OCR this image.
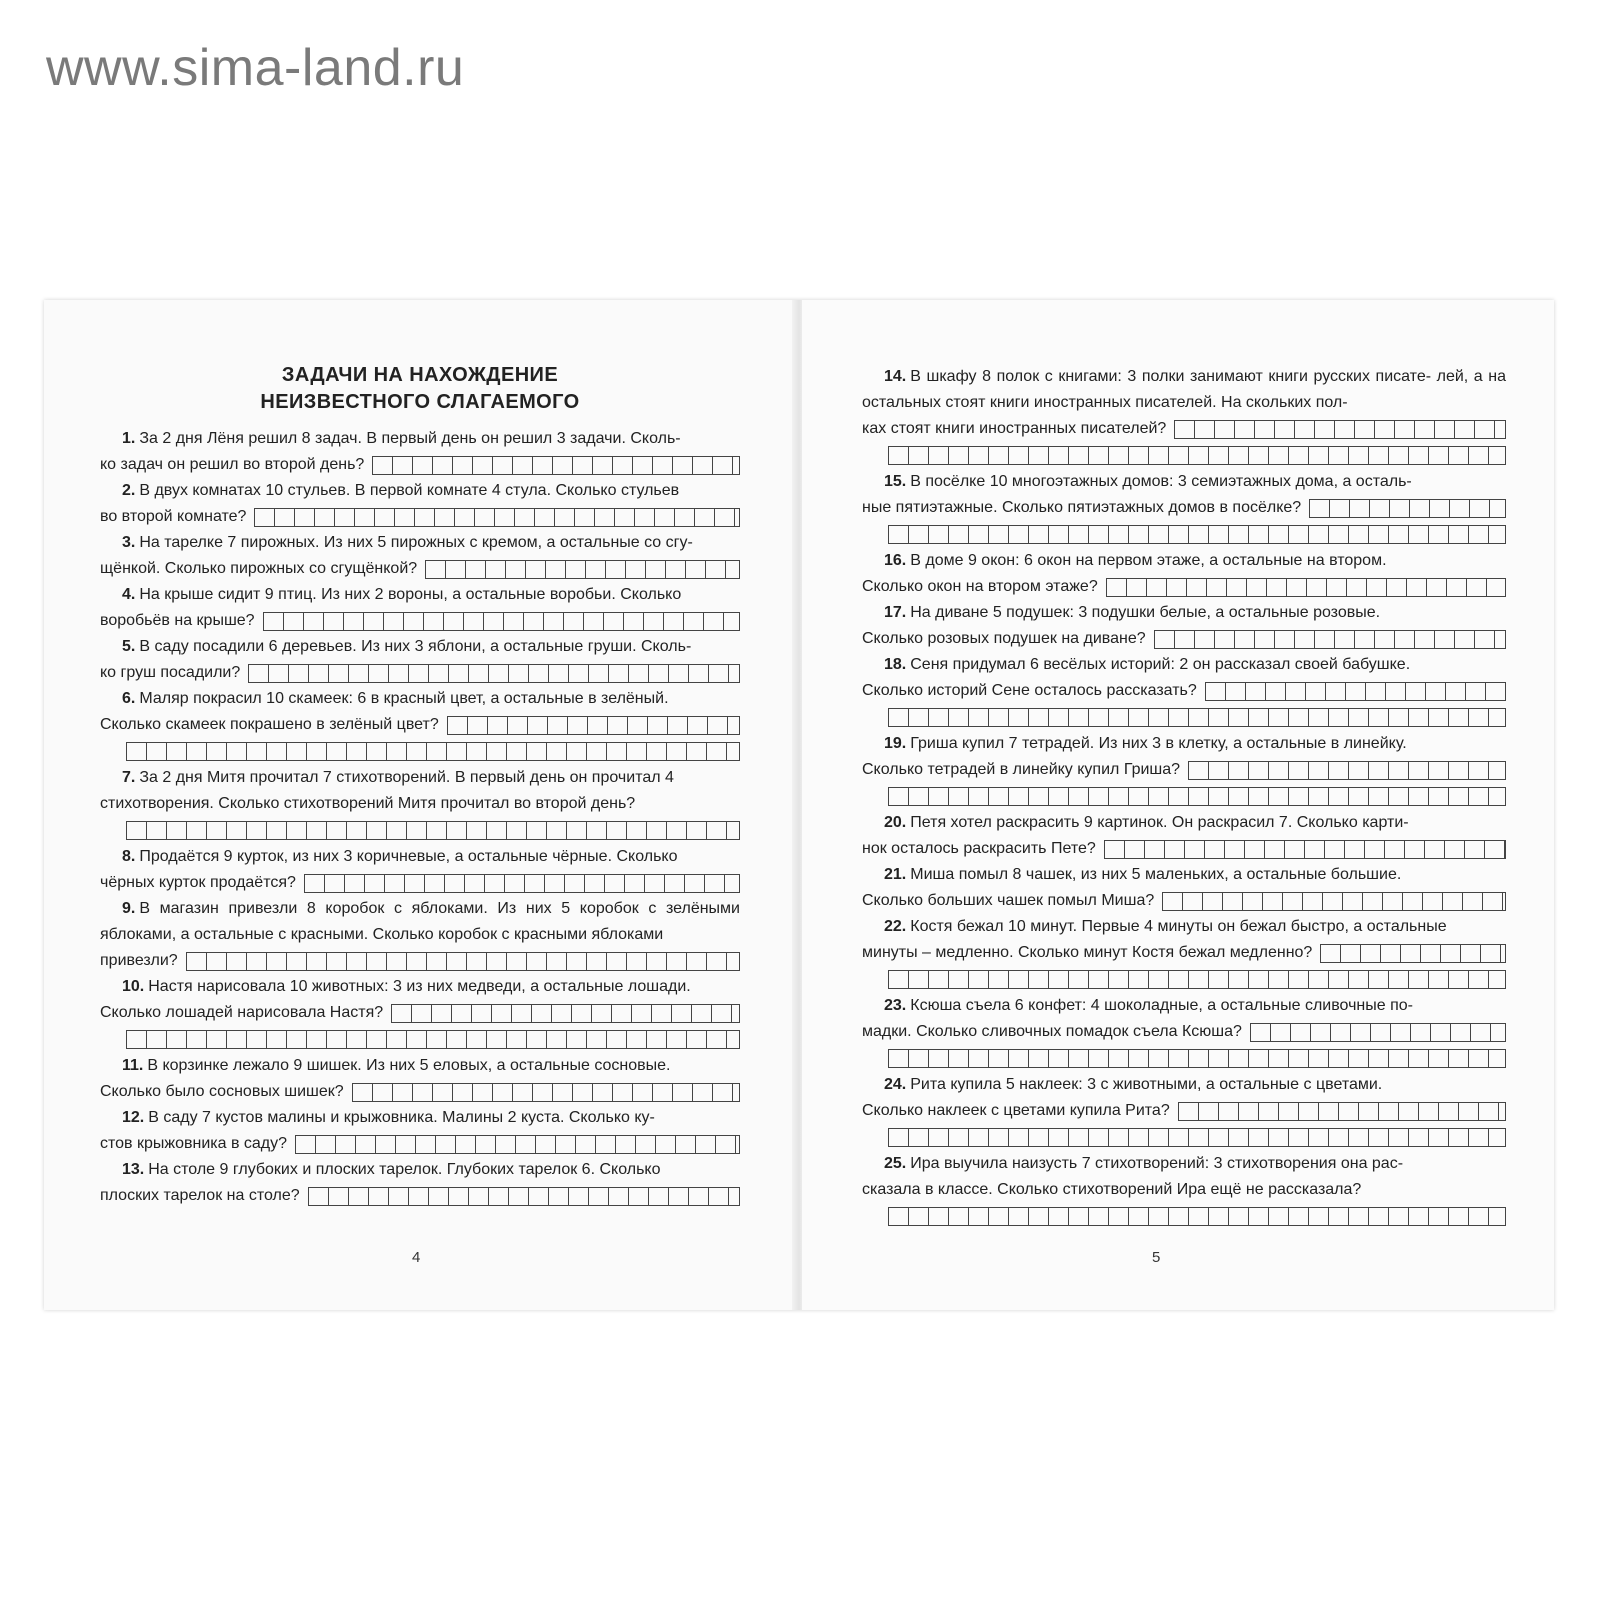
www.sima-land.ru
ЗАДАЧИ НА НАХОЖДЕНИЕ
НЕИЗВЕСТНОГО СЛАГАЕМОГО
1. За 2 дня Лёня решил 8 задач. В первый день он решил 3 задачи. Сколь-
ко задач он решил во второй день?
2. В двух комнатах 10 стульев. В первой комнате 4 стула. Сколько стульев
во второй комнате?
3. На тарелке 7 пирожных. Из них 5 пирожных с кремом, а остальные со сгу-
щёнкой. Сколько пирожных со сгущёнкой?
4. На крыше сидит 9 птиц. Из них 2 вороны, а остальные воробьи. Сколько
воробьёв на крыше?
5. В саду посадили 6 деревьев. Из них 3 яблони, а остальные груши. Сколь-
ко груш посадили?
6. Маляр покрасил 10 скамеек: 6 в красный цвет, а остальные в зелёный.
Сколько скамеек покрашено в зелёный цвет?
7. За 2 дня Митя прочитал 7 стихотворений. В первый день он прочитал 4
стихотворения. Сколько стихотворений Митя прочитал во второй день?
8. Продаётся 9 курток, из них 3 коричневые, а остальные чёрные. Сколько
чёрных курток продаётся?
9. В магазин привезли 8 коробок с яблоками. Из них 5 коробок с зелёными яблоками, а остальные с красными. Сколько коробок с красными яблоками
привезли?
10. Настя нарисовала 10 животных: 3 из них медведи, а остальные лошади.
Сколько лошадей нарисовала Настя?
11. В корзинке лежало 9 шишек. Из них 5 еловых, а остальные сосновые.
Сколько было сосновых шишек?
12. В саду 7 кустов малины и крыжовника. Малины 2 куста. Сколько ку-
стов крыжовника в саду?
13. На столе 9 глубоких и плоских тарелок. Глубоких тарелок 6. Сколько
плоских тарелок на столе?
4
14. В шкафу 8 полок с книгами: 3 полки занимают книги русских писате- лей, а на остальных стоят книги иностранных писателей. На скольких пол-
ках стоят книги иностранных писателей?
15. В посёлке 10 многоэтажных домов: 3 семиэтажных дома, а осталь-
ные пятиэтажные. Сколько пятиэтажных домов в посёлке?
16. В доме 9 окон: 6 окон на первом этаже, а остальные на втором.
Сколько окон на втором этаже?
17. На диване 5 подушек: 3 подушки белые, а остальные розовые.
Сколько розовых подушек на диване?
18. Сеня придумал 6 весёлых историй: 2 он рассказал своей бабушке.
Сколько историй Сене осталось рассказать?
19. Гриша купил 7 тетрадей. Из них 3 в клетку, а остальные в линейку.
Сколько тетрадей в линейку купил Гриша?
20. Петя хотел раскрасить 9 картинок. Он раскрасил 7. Сколько карти-
нок осталось раскрасить Пете?
21. Миша помыл 8 чашек, из них 5 маленьких, а остальные большие.
Сколько больших чашек помыл Миша?
22. Костя бежал 10 минут. Первые 4 минуты он бежал быстро, а остальные
минуты – медленно. Сколько минут Костя бежал медленно?
23. Ксюша съела 6 конфет: 4 шоколадные, а остальные сливочные по-
мадки. Сколько сливочных помадок съела Ксюша?
24. Рита купила 5 наклеек: 3 с животными, а остальные с цветами.
Сколько наклеек с цветами купила Рита?
25. Ира выучила наизусть 7 стихотворений: 3 стихотворения она рас-
сказала в классе. Сколько стихотворений Ира ещё не рассказала?
5
